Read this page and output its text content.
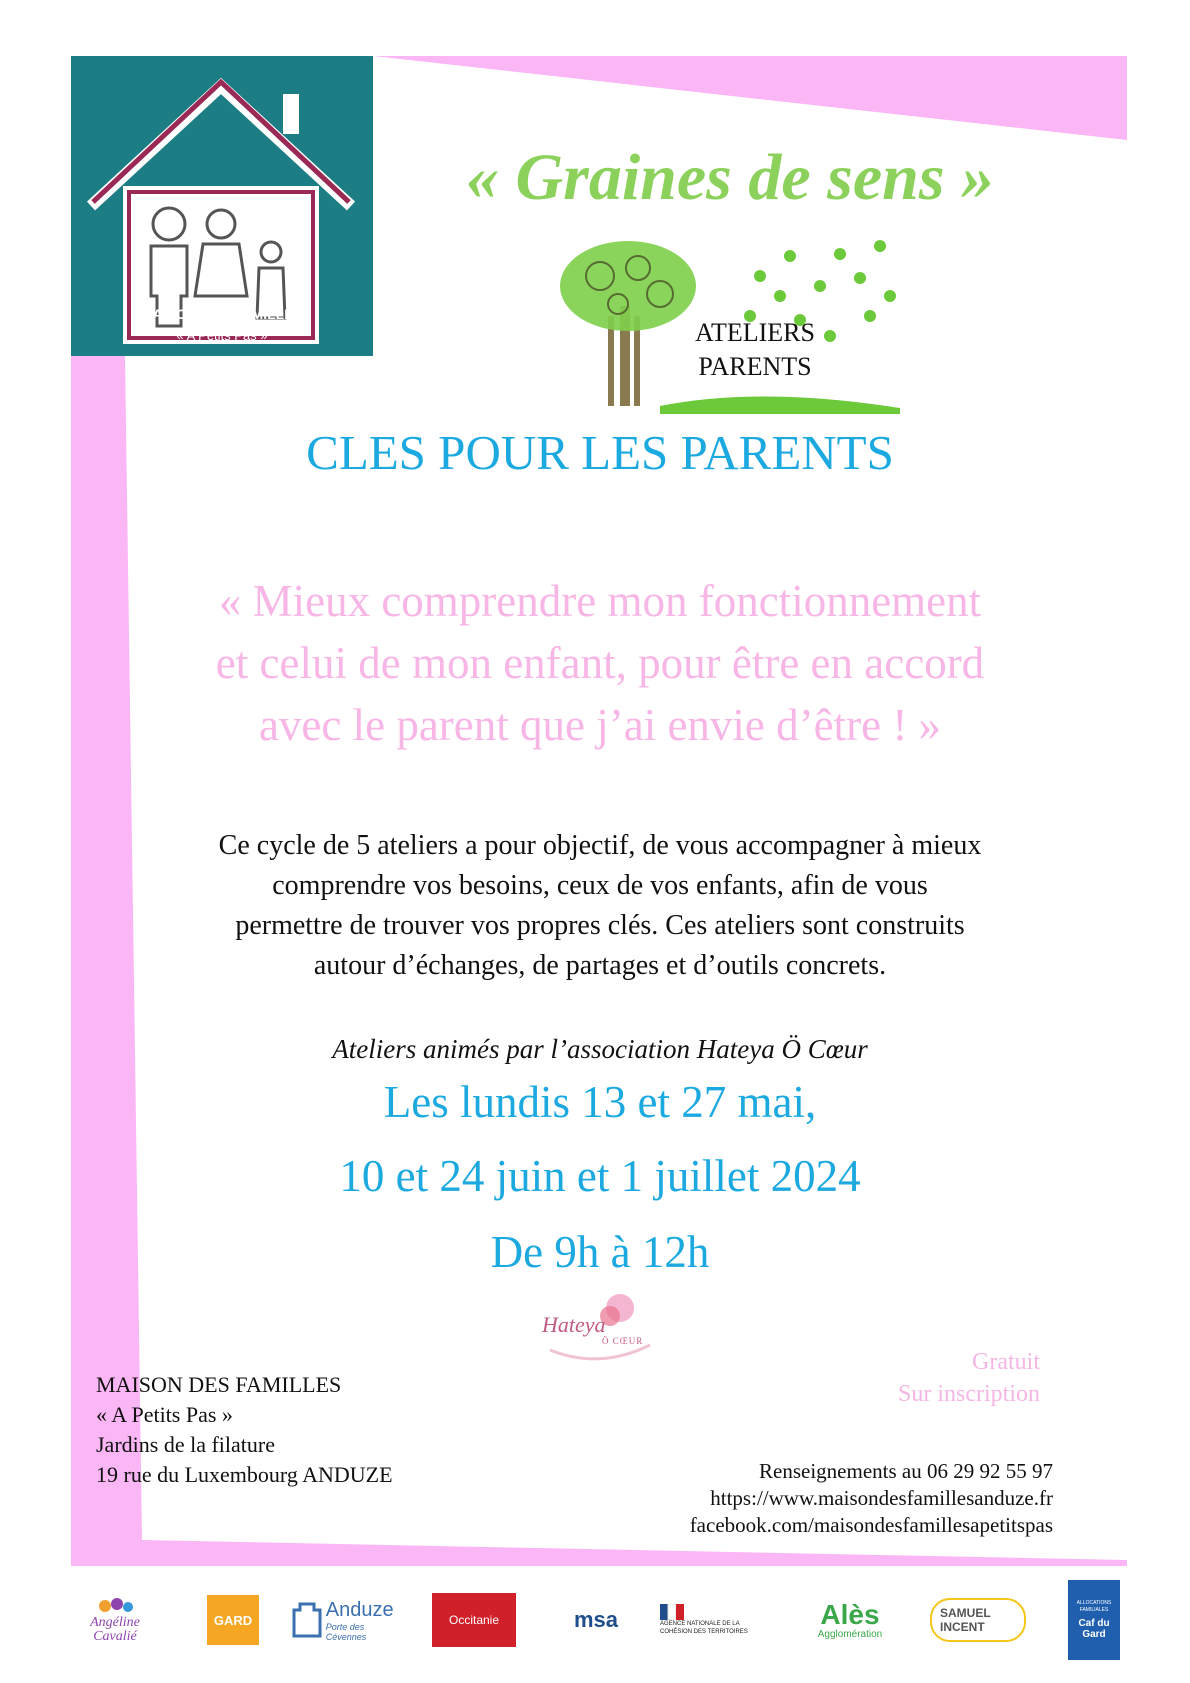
MAISON DES FAMILLES
« A Petits Pas »
« Graines de sens »
ATELIERS
PARENTS
CLES POUR LES PARENTS
« Mieux comprendre mon fonctionnement
et celui de mon enfant, pour être en accord
avec le parent que j’ai envie d’être ! »
Ce cycle de 5 ateliers a pour objectif, de vous accompagner à mieux
comprendre vos besoins, ceux de vos enfants, afin de vous
permettre de trouver vos propres clés. Ces ateliers sont construits
autour d’échanges, de partages et d’outils concrets.
Ateliers animés par l’association Hateya Ö Cœur
Les lundis 13 et 27 mai,
10 et 24 juin et 1 juillet 2024
De 9h à 12h
Hateya
Ö CŒUR
MAISON DES FAMILLES
« A Petits Pas »
Jardins de la filature
19 rue du Luxembourg ANDUZE
Gratuit
Sur inscription
Renseignements au 06 29 92 55 97
https://www.maisondesfamillesanduze.fr
facebook.com/maisondesfamillesapetitspas
Angéline Cavalié
GARD	Anduze
Porte des Cévennes
Occitanie	msa	AGENCE NATIONALE DE LA COHÉSION DES TERRITOIRES
Alès
Agglomération
SAMUEL INCENT
ALLOCATIONS FAMILIALES
Caf du Gard
